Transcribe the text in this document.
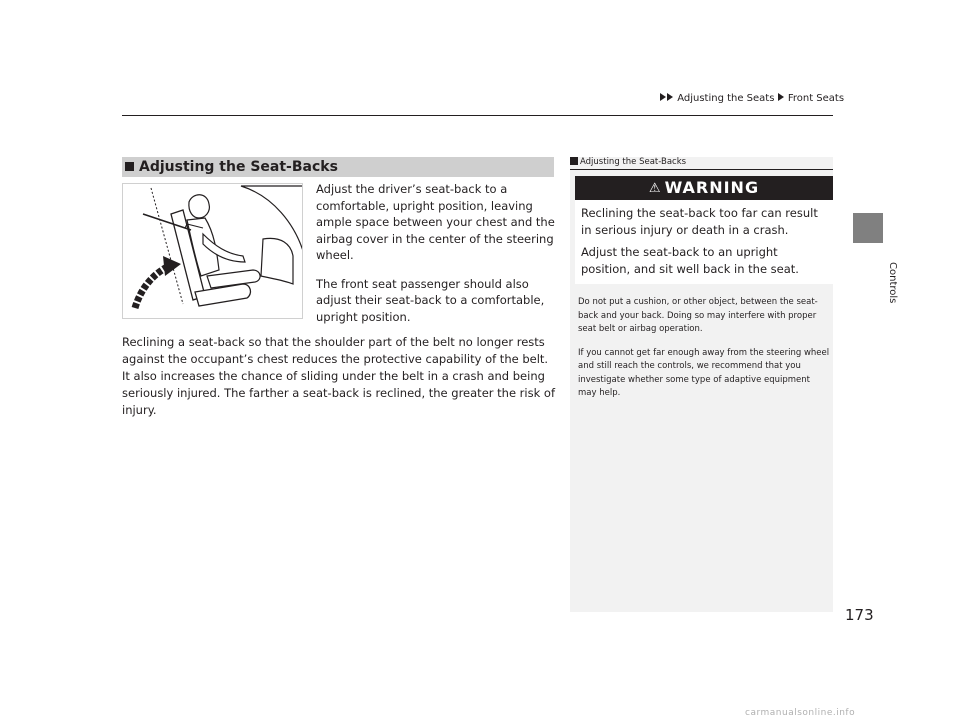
Adjusting the Seats Front Seats
Controls
Adjusting the Seat-Backs

Adjust the driver’s seat-back to a comfortable, upright position, leaving ample space between your chest and the airbag cover in the center of the steering wheel.

The front seat passenger should also adjust their seat-back to a comfortable, upright position.

Reclining a seat-back so that the shoulder part of the belt no longer rests against the occupant’s chest reduces the protective capability of the belt. It also increases the chance of sliding under the belt in a crash and being seriously injured. The farther a seat-back is reclined, the greater the risk of injury.

Adjusting the Seat-Backs
⚠ WARNING

Reclining the seat-back too far can result in serious injury or death in a crash.

Adjust the seat-back to an upright position, and sit well back in the seat.

Do not put a cushion, or other object, between the seat-back and your back. Doing so may interfere with proper seat belt or airbag operation.

If you cannot get far enough away from the steering wheel and still reach the controls, we recommend that you investigate whether some type of adaptive equipment may help.

173
carmanualsonline.info
